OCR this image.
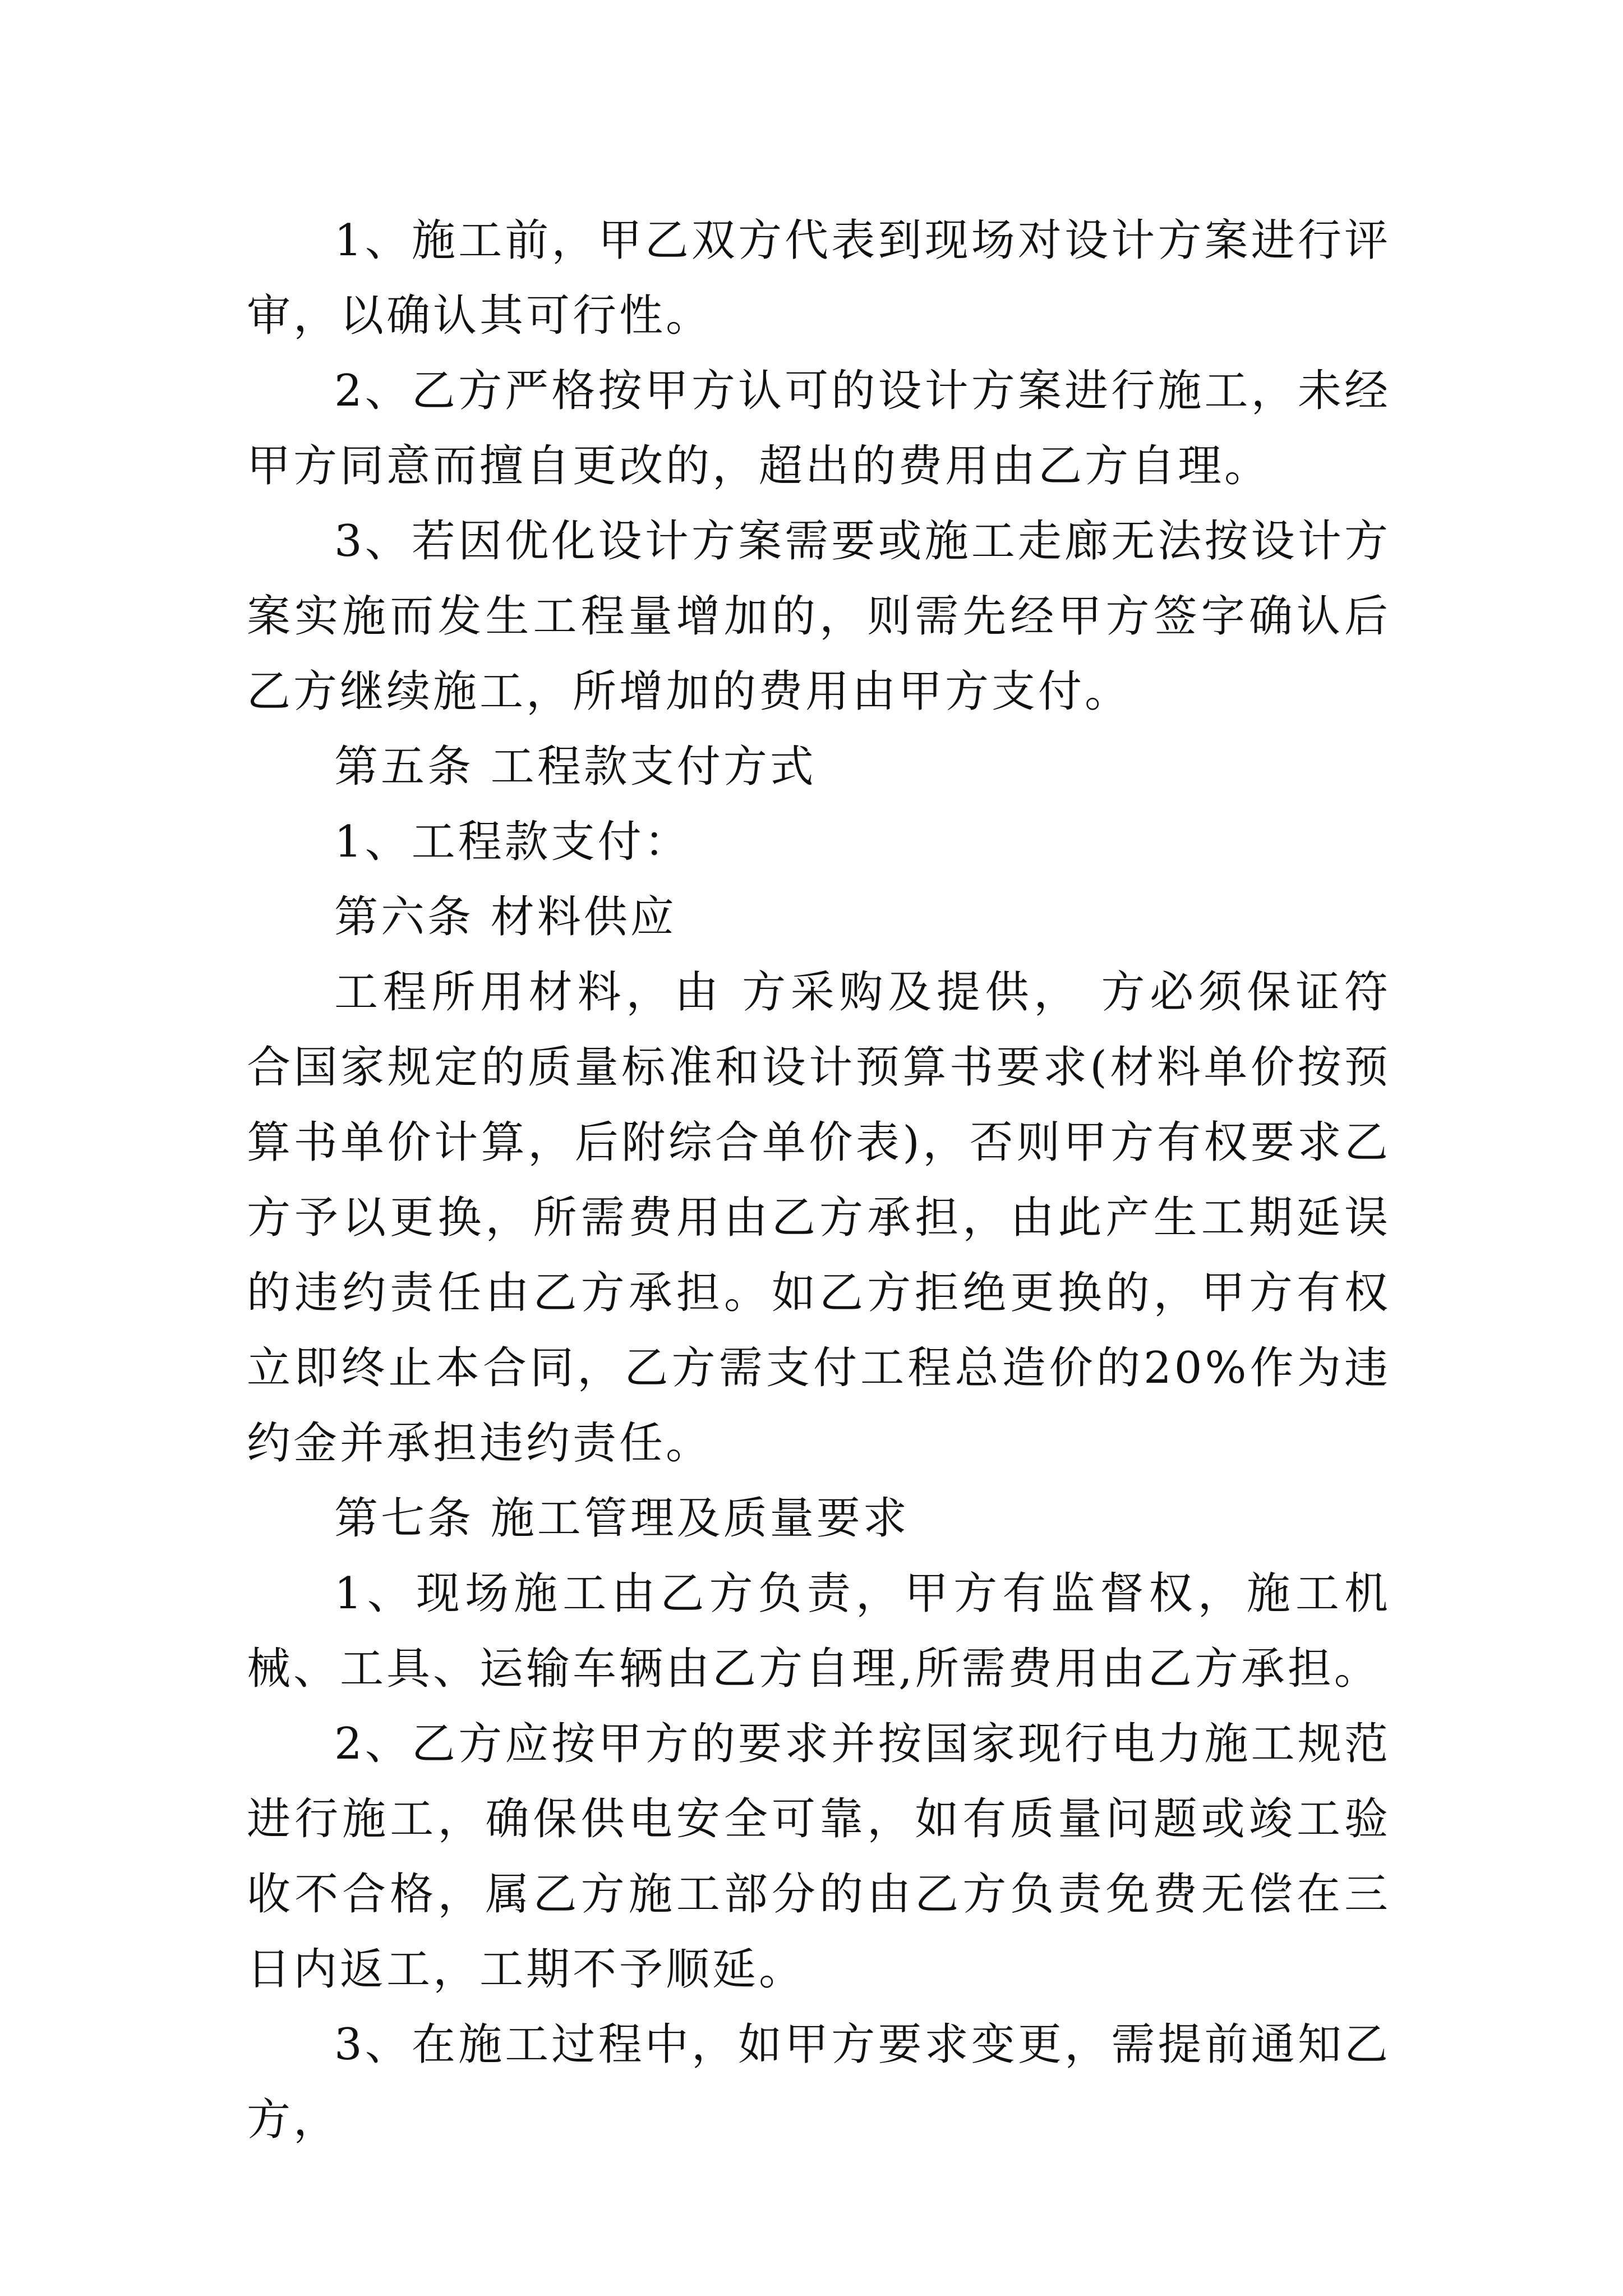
1、施工前，甲乙双方代表到现场对设计方案进行评审，以确认其可行性。

2、乙方严格按甲方认可的设计方案进行施工，未经甲方同意而擅自更改的，超出的费用由乙方自理。

3、若因优化设计方案需要或施工走廊无法按设计方案实施而发生工程量增加的，则需先经甲方签字确认后乙方继续施工，所增加的费用由甲方支付。

第五条 工程款支付方式

1、工程款支付：

第六条 材料供应

工程所用材料，由 方采购及提供， 方必须保证符合国家规定的质量标准和设计预算书要求(材料单价按预算书单价计算，后附综合单价表)，否则甲方有权要求乙方予以更换，所需费用由乙方承担，由此产生工期延误的违约责任由乙方承担。如乙方拒绝更换的，甲方有权立即终止本合同，乙方需支付工程总造价的20%作为违约金并承担违约责任。

第七条 施工管理及质量要求

1、现场施工由乙方负责，甲方有监督权，施工机械、工具、运输车辆由乙方自理,所需费用由乙方承担。

2、乙方应按甲方的要求并按国家现行电力施工规范进行施工，确保供电安全可靠，如有质量问题或竣工验收不合格，属乙方施工部分的由乙方负责免费无偿在三日内返工，工期不予顺延。

3、在施工过程中，如甲方要求变更，需提前通知乙方，
